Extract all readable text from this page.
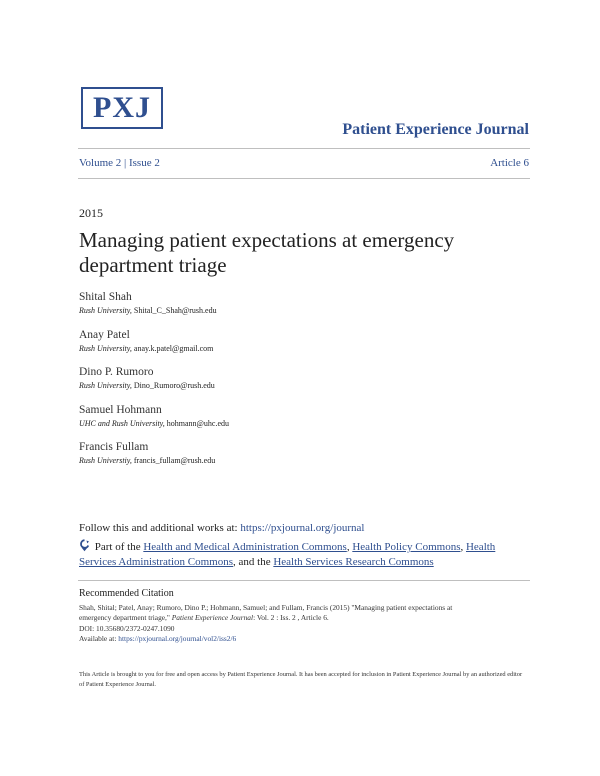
PXJ
Patient Experience Journal
Volume 2 | Issue 2	Article 6
2015
Managing patient expectations at emergency department triage
Shital Shah
Rush University, Shital_C_Shah@rush.edu
Anay Patel
Rush University, anay.k.patel@gmail.com
Dino P. Rumoro
Rush University, Dino_Rumoro@rush.edu
Samuel Hohmann
UHC and Rush University, hohmann@uhc.edu
Francis Fullam
Rush Universtiy, francis_fullam@rush.edu
Follow this and additional works at: https://pxjournal.org/journal
Part of the Health and Medical Administration Commons, Health Policy Commons, Health Services Administration Commons, and the Health Services Research Commons
Recommended Citation
Shah, Shital; Patel, Anay; Rumoro, Dino P.; Hohmann, Samuel; and Fullam, Francis (2015) "Managing patient expectations at
emergency department triage," Patient Experience Journal: Vol. 2 : Iss. 2 , Article 6.
DOI: 10.35680/2372-0247.1090
Available at: https://pxjournal.org/journal/vol2/iss2/6
This Article is brought to you for free and open access by Patient Experience Journal. It has been accepted for inclusion in Patient Experience Journal by an authorized editor of Patient Experience Journal.
